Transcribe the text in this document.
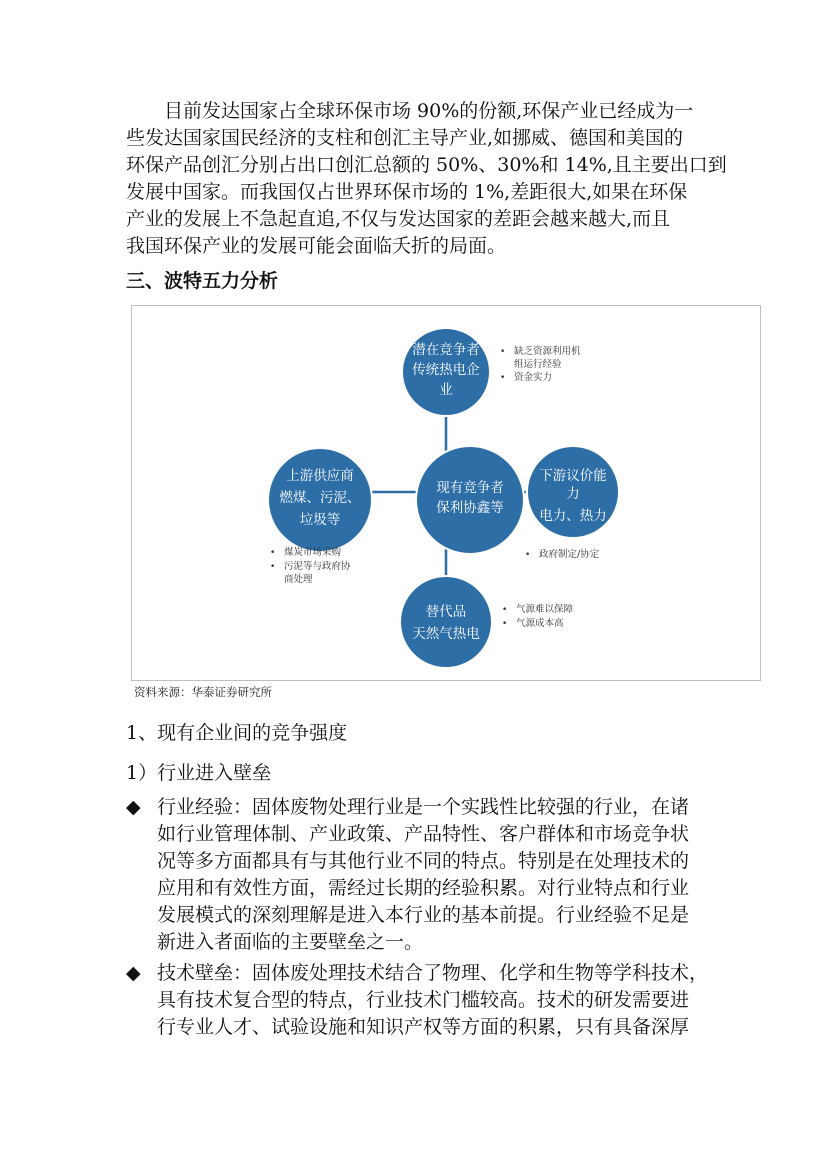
目前发达国家占全球环保市场 90%的份额,环保产业已经成为一
些发达国家国民经济的支柱和创汇主导产业,如挪威、德国和美国的
环保产品创汇分别占出口创汇总额的 50%、30%和 14%,且主要出口到
发展中国家。而我国仅占世界环保市场的 1%,差距很大,如果在环保
产业的发展上不急起直追,不仅与发达国家的差距会越来越大,而且
我国环保产业的发展可能会面临夭折的局面。
三、波特五力分析
潜在竞争者
传统热电企
业
现有竞争者
保利协鑫等
上游供应商
燃煤、污泥、
垃圾等
下游议价能
力
电力、热力
替代品
天然气热电
• 缺乏资源利用机
组运行经验
• 资金实力
• 煤炭市场采购
• 污泥等与政府协
商处理
• 政府制定/协定
• 气源难以保障
• 气源成本高
资料来源：华泰证券研究所
1、现有企业间的竞争强度
1）行业进入壁垒
◆ 行业经验：固体废物处理行业是一个实践性比较强的行业，在诸
如行业管理体制、产业政策、产品特性、客户群体和市场竞争状
况等多方面都具有与其他行业不同的特点。特别是在处理技术的
应用和有效性方面，需经过长期的经验积累。对行业特点和行业
发展模式的深刻理解是进入本行业的基本前提。行业经验不足是
新进入者面临的主要壁垒之一。
◆ 技术壁垒：固体废处理技术结合了物理、化学和生物等学科技术，
具有技术复合型的特点，行业技术门槛较高。技术的研发需要进
行专业人才、试验设施和知识产权等方面的积累，只有具备深厚
